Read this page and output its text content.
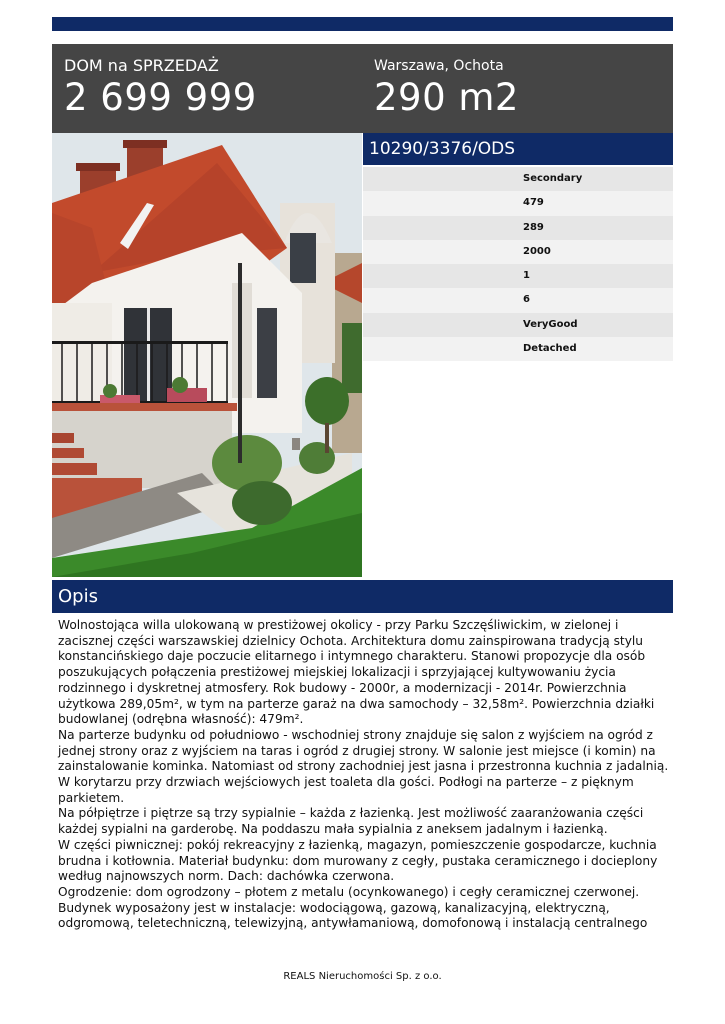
DOM na SPRZEDAŻ
2 699 999
Warszawa, Ochota
290 m2
10290/3376/ODS
Secondary
479
289
2000
1
6
VeryGood
Detached
Opis

Wolnostojąca willa ulokowaną w prestiżowej okolicy - przy Parku Szczęśliwickim, w zielonej i zacisznej części warszawskiej dzielnicy Ochota. Architektura domu zainspirowana tradycją stylu konstancińskiego daje poczucie elitarnego i intymnego charakteru. Stanowi propozycje dla osób poszukujących połączenia prestiżowej miejskiej lokalizacji i sprzyjającej kultywowaniu życia rodzinnego i dyskretnej atmosfery. Rok budowy - 2000r, a modernizacji - 2014r. Powierzchnia użytkowa 289,05m², w tym na parterze garaż na dwa samochody – 32,58m². Powierzchnia działki budowlanej (odrębna własność): 479m².

Na parterze budynku od południowo - wschodniej strony znajduje się salon z wyjściem na ogród z jednej strony oraz z wyjściem na taras i ogród z drugiej strony. W salonie jest miejsce (i komin) na zainstalowanie kominka. Natomiast od strony zachodniej jest jasna i przestronna kuchnia z jadalnią. W korytarzu przy drzwiach wejściowych jest toaleta dla gości. Podłogi na parterze – z pięknym parkietem.

Na półpiętrze i piętrze są trzy sypialnie – każda z łazienką. Jest możliwość zaaranżowania części każdej sypialni na garderobę. Na poddaszu mała sypialnia z aneksem jadalnym i łazienką.

W części piwnicznej: pokój rekreacyjny z łazienką, magazyn, pomieszczenie gospodarcze, kuchnia brudna i kotłownia. Materiał budynku: dom murowany z cegły, pustaka ceramicznego i docieplony według najnowszych norm. Dach: dachówka czerwona.

Ogrodzenie: dom ogrodzony – płotem z metalu (ocynkowanego) i cegły ceramicznej czerwonej.

Budynek wyposażony jest w instalacje: wodociągową, gazową, kanalizacyjną, elektryczną, odgromową, teletechniczną, telewizyjną, antywłamaniową, domofonową i instalacją centralnego

REALS Nieruchomości Sp. z o.o.
